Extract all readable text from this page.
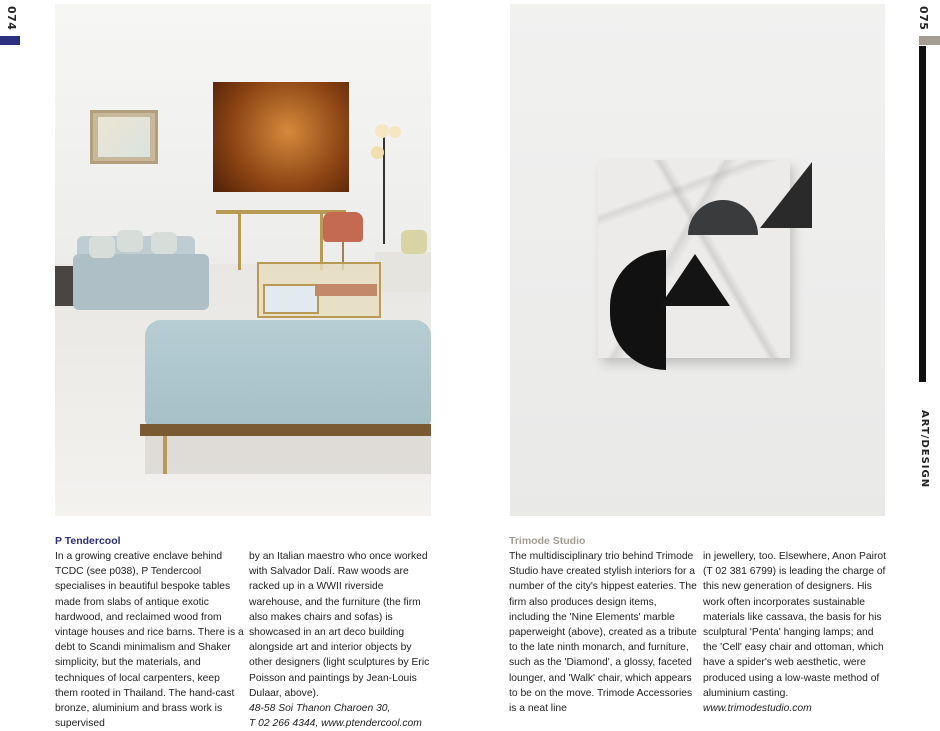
074
P Tendercool

In a growing creative enclave behind TCDC (see p038), P Tendercool specialises in beautiful bespoke tables made from slabs of antique exotic hardwood, and reclaimed wood from vintage houses and rice barns. There is a debt to Scandi minimalism and Shaker simplicity, but the materials, and techniques of local carpenters, keep them rooted in Thailand. The hand-cast bronze, aluminium and brass work is supervised

by an Italian maestro who once worked with Salvador Dalí. Raw woods are racked up in a WWII riverside warehouse, and the furniture (the firm also makes chairs and sofas) is showcased in an art deco building alongside art and interior objects by other designers (light sculptures by Eric Poisson and paintings by Jean-Louis Dulaar, above).

48-58 Soi Thanon Charoen 30,

T 02 266 4344, www.ptendercool.com

075
ART/DESIGN
Trimode Studio

The multidisciplinary trio behind Trimode Studio have created stylish interiors for a number of the city's hippest eateries. The firm also produces design items, including the 'Nine Elements' marble paperweight (above), created as a tribute to the late ninth monarch, and furniture, such as the 'Diamond', a glossy, faceted lounger, and 'Walk' chair, which appears to be on the move. Trimode Accessories is a neat line

in jewellery, too. Elsewhere, Anon Pairot (T 02 381 6799) is leading the charge of this new generation of designers. His work often incorporates sustainable materials like cassava, the basis for his sculptural 'Penta' hanging lamps; and the 'Cell' easy chair and ottoman, which have a spider's web aesthetic, were produced using a low-waste method of aluminium casting.

www.trimodestudio.com
